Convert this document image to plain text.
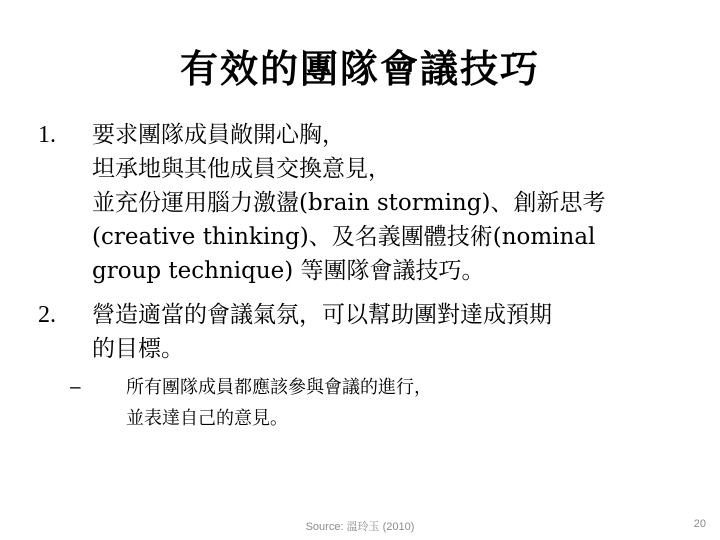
有效的團隊會議技巧
1.	要求團隊成員敞開心胸，
坦承地與其他成員交換意見，
並充份運用腦力激盪(brain storming)、創新思考
(creative thinking)、及名義團體技術(nominal
group technique) 等團隊會議技巧。
2.	營造適當的會議氣氛，可以幫助團對達成預期
的目標。
–	所有團隊成員都應該參與會議的進行，
並表達自己的意見。
Source: 溫玲玉 (2010)	20
